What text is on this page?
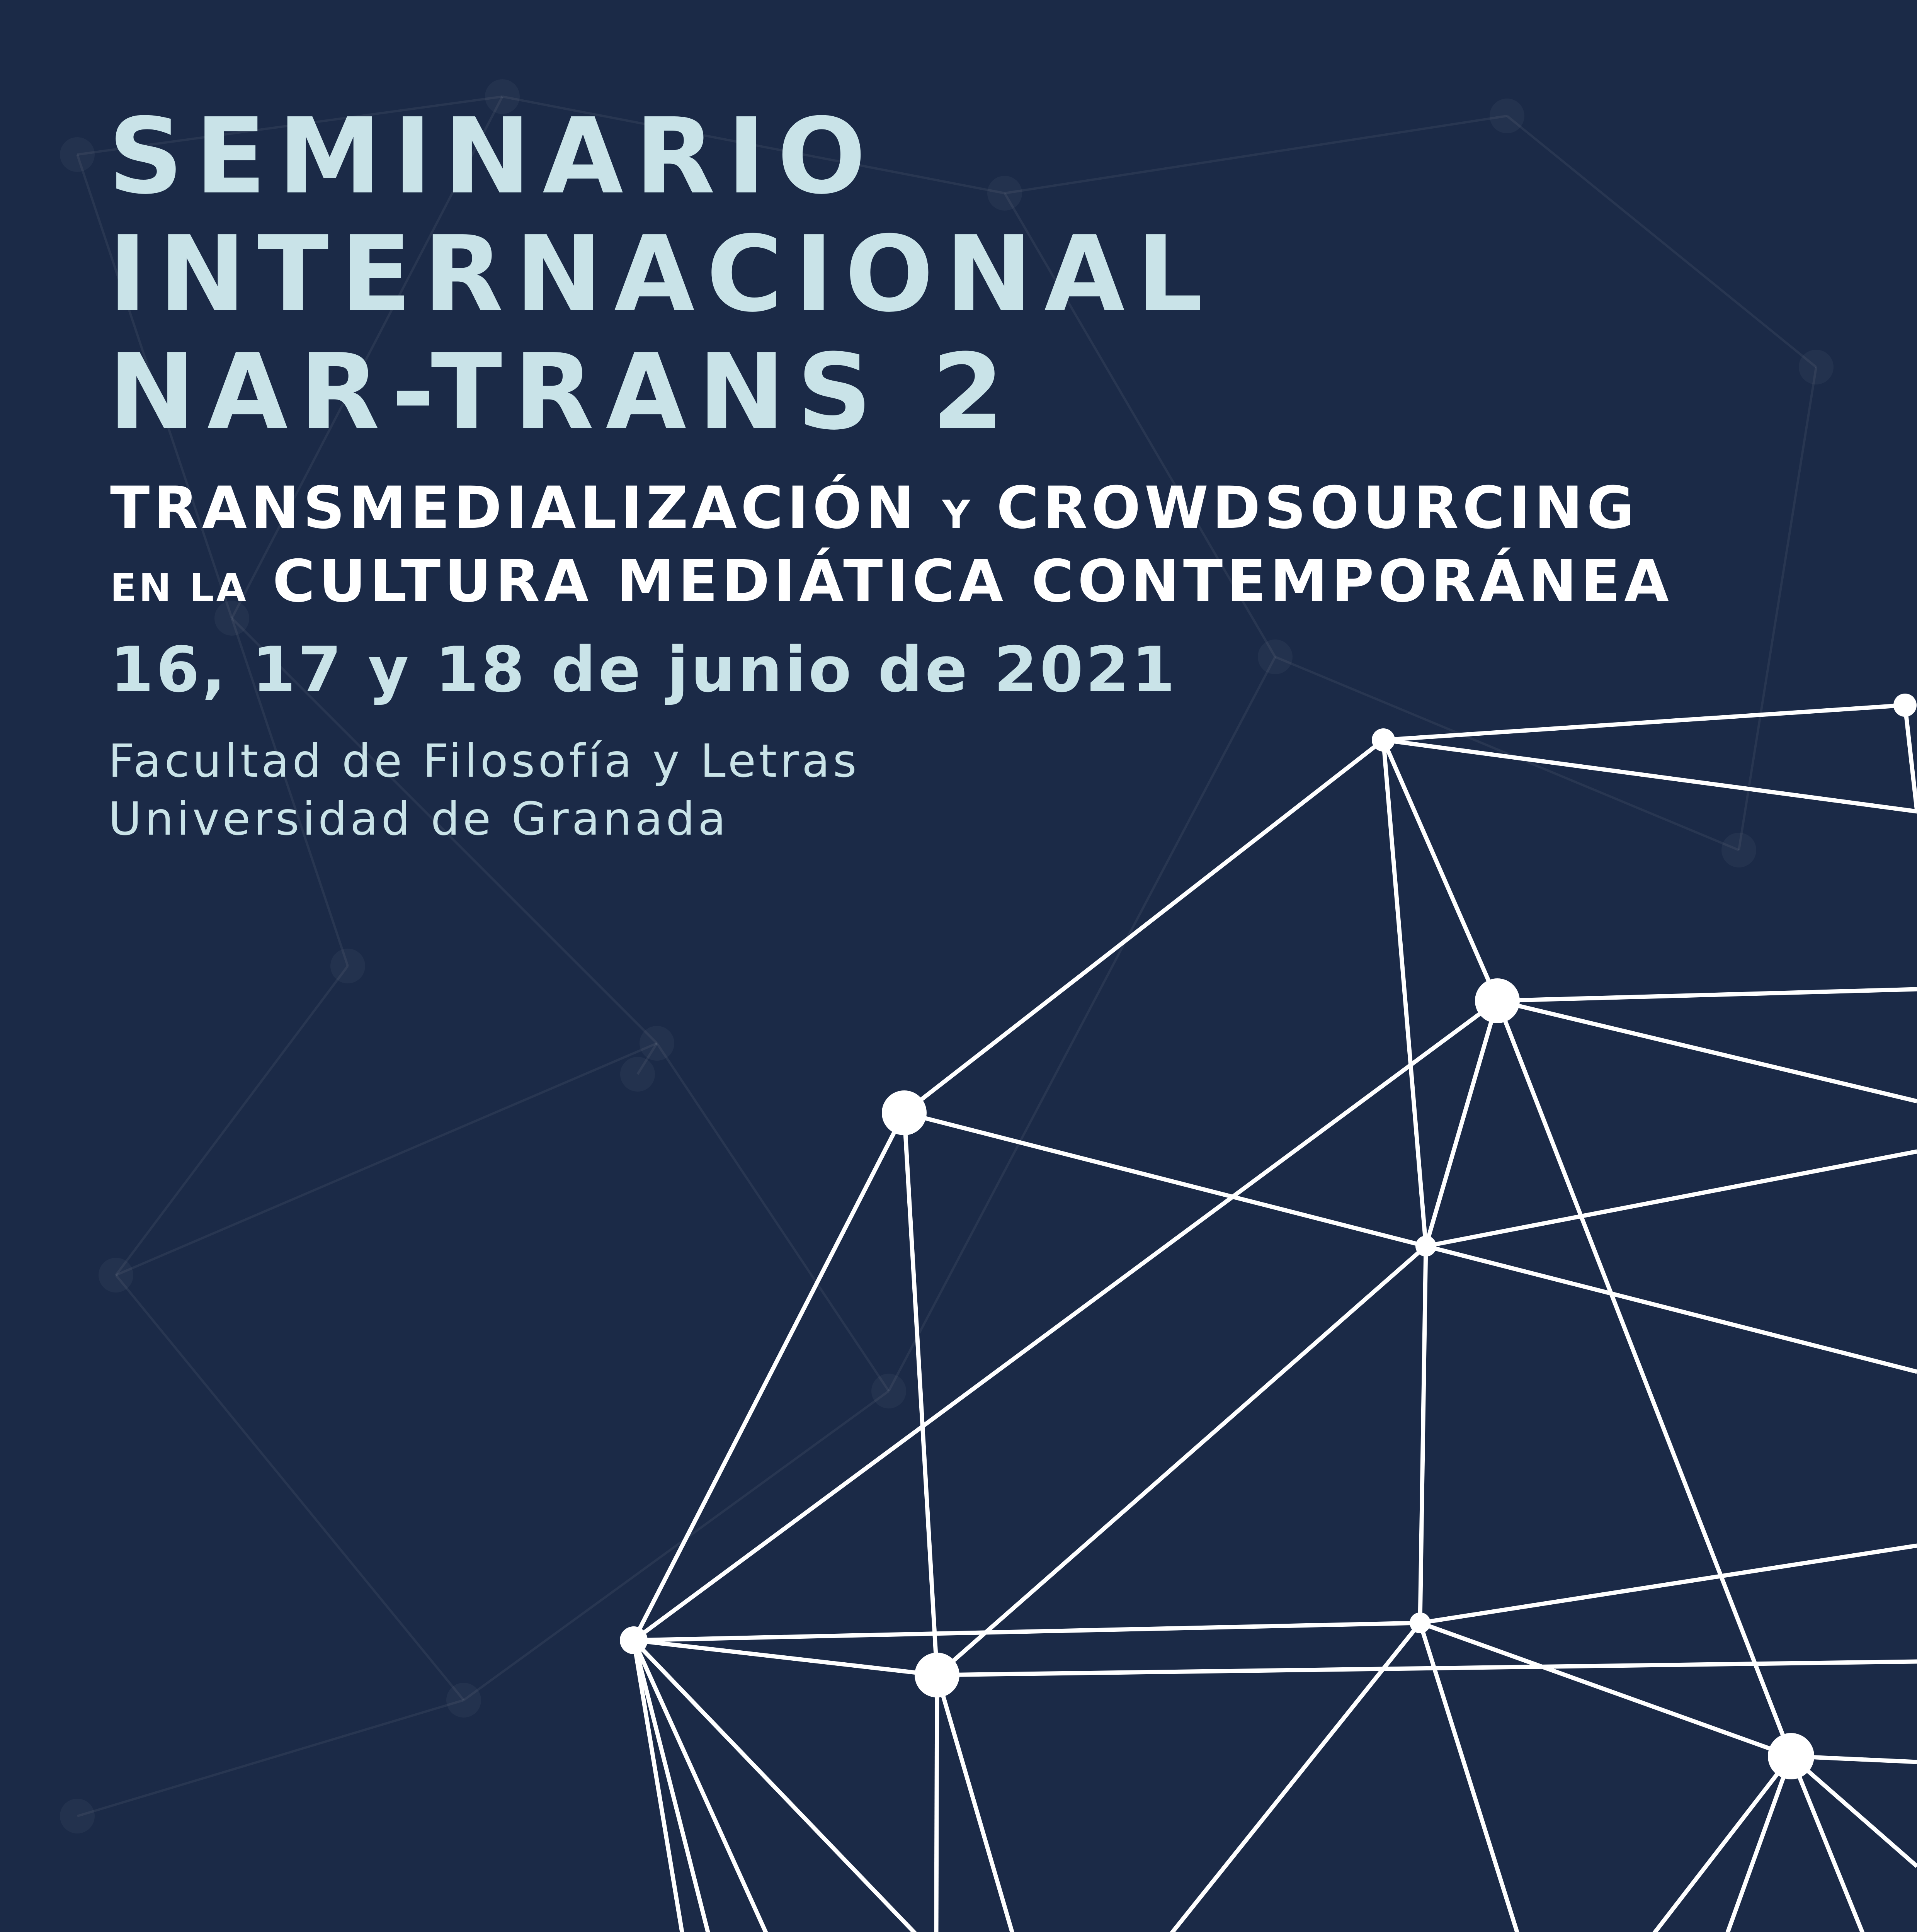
SEMINARIO
INTERNACIONAL
NAR-TRANS 2
TRANSMEDIALIZACIÓN Y CROWDSOURCING
EN LA CULTURA MEDIÁTICA CONTEMPORÁNEA
16, 17 y 18 de junio de 2021
Facultad de Filosofía y Letras
Universidad de Granada
